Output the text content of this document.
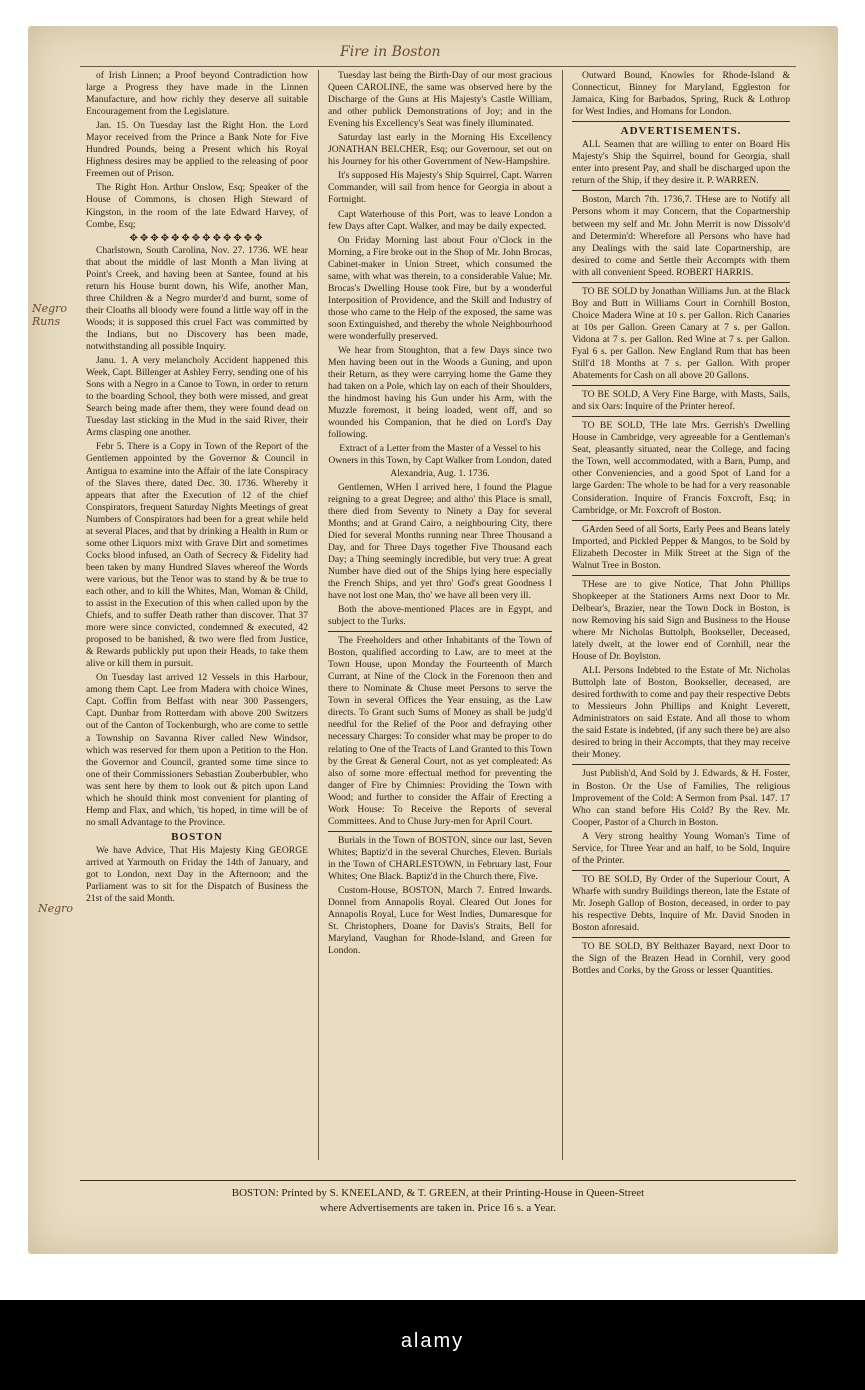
Fire in Boston
Negro Runs
Negro

of Irish Linnen; a Proof beyond Contradiction how large a Progress they have made in the Linnen Manufacture, and how richly they deserve all suitable Encouragement from the Legislature.

Jan. 15. On Tuesday last the Right Hon. the Lord Mayor received from the Prince a Bank Note for Five Hundred Pounds, being a Present which his Royal Highness desires may be applied to the releasing of poor Freemen out of Prison.

The Right Hon. Arthur Onslow, Esq; Speaker of the House of Commons, is chosen High Steward of Kingston, in the room of the late Edward Harvey, of Combe, Esq;

✥✥✥✥✥✥✥✥✥✥✥✥✥

Charlstown, South Carolina, Nov. 27. 1736. WE hear that about the middle of last Month a Man living at Point's Creek, and having been at Santee, found at his return his House burnt down, his Wife, another Man, three Children & a Negro murder'd and burnt, some of their Cloaths all bloody were found a little way off in the Woods; it is supposed this cruel Fact was committed by the Indians, but no Discovery has been made, notwithstanding all possible Inquiry.

Janu. 1. A very melancholy Accident happened this Week, Capt. Billenger at Ashley Ferry, sending one of his Sons with a Negro in a Canoe to Town, in order to return to the boarding School, they both were missed, and great Search being made after them, they were found dead on Tuesday last sticking in the Mud in the said River, their Arms clasping one another.

Febr 5. There is a Copy in Town of the Report of the Gentlemen appointed by the Governor & Council in Antigua to examine into the Affair of the late Conspiracy of the Slaves there, dated Dec. 30. 1736. Whereby it appears that after the Execution of 12 of the chief Conspirators, frequent Saturday Nights Meetings of great Numbers of Conspirators had been for a great while held at several Places, and that by drinking a Health in Rum or some other Liquors mixt with Grave Dirt and sometimes Cocks blood infused, an Oath of Secrecy & Fidelity had been taken by many Hundred Slaves whereof the Words were various, but the Tenor was to stand by & be true to each other, and to kill the Whites, Man, Woman & Child, to assist in the Execution of this when called upon by the Chiefs, and to suffer Death rather than discover. That 37 more were since convicted, condemned & executed, 42 proposed to be banished, & two were fled from Justice, & Rewards publickly put upon their Heads, to take them alive or kill them in pursuit.

On Tuesday last arrived 12 Vessels in this Harbour, among them Capt. Lee from Madera with choice Wines, Capt. Coffin from Belfast with near 300 Passengers, Capt. Dunbar from Rotterdam with above 200 Switzers out of the Canton of Tockenburgh, who are come to settle a Township on Savanna River called New Windsor, which was reserved for them upon a Petition to the Hon. the Governor and Council, granted some time since to one of their Commissioners Sebastian Zouberbubler, who was sent here by them to look out & pitch upon Land which he should think most convenient for planting of Hemp and Flax, and which, 'tis hoped, in time will be of no small Advantage to the Province.

BOSTON

We have Advice, That His Majesty King GEORGE arrived at Yarmouth on Friday the 14th of January, and got to London, next Day in the Afternoon; and the Parliament was to sit for the Dispatch of Business the 21st of the said Month.

Tuesday last being the Birth-Day of our most gracious Queen CAROLINE, the same was observed here by the Discharge of the Guns at His Majesty's Castle William, and other publick Demonstrations of Joy; and in the Evening his Excellency's Seat was finely illuminated.

Saturday last early in the Morning His Excellency JONATHAN BELCHER, Esq; our Governour, set out on his Journey for his other Government of New-Hampshire.

It's supposed His Majesty's Ship Squirrel, Capt. Warren Commander, will sail from hence for Georgia in about a Fortnight.

Capt Waterhouse of this Port, was to leave London a few Days after Capt. Walker, and may be daily expected.

On Friday Morning last about Four o'Clock in the Morning, a Fire broke out in the Shop of Mr. John Brocas, Cabinet-maker in Union Street, which consumed the same, with what was therein, to a considerable Value; Mr. Brocas's Dwelling House took Fire, but by a wonderful Interposition of Providence, and the Skill and Industry of those who came to the Help of the exposed, the same was soon Extinguished, and thereby the whole Neighbourhood were wonderfully preserved.

We hear from Stoughton, that a few Days since two Men having been out in the Woods a Guning, and upon their Return, as they were carrying home the Game they had taken on a Pole, which lay on each of their Shoulders, the hindmost having his Gun under his Arm, with the Muzzle foremost, it being loaded, went off, and so wounded his Companion, that he died on Lord's Day following.

Extract of a Letter from the Master of a Vessel to his Owners in this Town, by Capt Walker from London, dated Alexandria, Aug. 1. 1736.

Gentlemen, WHen I arrived here, I found the Plague reigning to a great Degree; and altho' this Place is small, there died from Seventy to Ninety a Day for several Months; and at Grand Cairo, a neighbouring City, there Died for several Months running near Three Thousand a Day, and for Three Days together Five Thousand each Day; a Thing seemingly incredible, but very true: A great Number have died out of the Ships lying here especially the French Ships, and yet thro' God's great Goodness I have not lost one Man, tho' we have all been very ill.

Both the above-mentioned Places are in Egypt, and subject to the Turks.

The Freeholders and other Inhabitants of the Town of Boston, qualified according to Law, are to meet at the Town House, upon Monday the Fourteenth of March Currant, at Nine of the Clock in the Forenoon then and there to Nominate & Chuse meet Persons to serve the Town in several Offices the Year ensuing, as the Law directs. To Grant such Sums of Money as shall be judg'd needful for the Relief of the Poor and defraying other necessary Charges: To consider what may be proper to do relating to One of the Tracts of Land Granted to this Town by the Great & General Court, not as yet compleated: As also of some more effectual method for preventing the danger of Fire by Chimnies: Providing the Town with Wood; and further to consider the Affair of Erecting a Work House: To Receive the Reports of several Committees. And to Chuse Jury-men for April Court.

Burials in the Town of BOSTON, since our last, Seven Whites; Baptiz'd in the several Churches, Eleven. Burials in the Town of CHARLESTOWN, in February last, Four Whites; One Black. Baptiz'd in the Church there, Five.

Custom-House, BOSTON, March 7. Entred Inwards. Donnel from Annapolis Royal. Cleared Out Jones for Annapolis Royal, Luce for West Indies, Dumaresque for St. Christophers, Doane for Davis's Straits, Bell for Maryland, Vaughan for Rhode-Island, and Green for London.

Outward Bound, Knowles for Rhode-Island & Connecticut, Binney for Maryland, Eggleston for Jamaica, King for Barbados, Spring, Ruck & Lothrop for West Indies, and Homans for London.

ADVERTISEMENTS.

ALL Seamen that are willing to enter on Board His Majesty's Ship the Squirrel, bound for Georgia, shall enter into present Pay, and shall be discharged upon the return of the Ship, if they desire it. P. WARREN.

Boston, March 7th. 1736,7. THese are to Notify all Persons whom it may Concern, that the Copartnership between my self and Mr. John Merrit is now Dissolv'd and Determin'd: Wherefore all Persons who have had any Dealings with the said late Copartnership, are desired to come and Settle their Accompts with them with all convenient Speed. ROBERT HARRIS.

TO BE SOLD by Jonathan Williams Jun. at the Black Boy and Butt in Williams Court in Cornhill Boston, Choice Madera Wine at 10 s. per Gallon. Rich Canaries at 10s per Gallon. Green Canary at 7 s. per Gallon. Vidona at 7 s. per Gallon. Red Wine at 7 s. per Gallon. Fyal 6 s. per Gallon. New England Rum that has been Still'd 18 Months at 7 s. per Gallon. With proper Abatements for Cash on all above 20 Gallons.

TO BE SOLD, A Very Fine Barge, with Masts, Sails, and six Oars: Inquire of the Printer hereof.

TO BE SOLD, THe late Mrs. Gerrish's Dwelling House in Cambridge, very agreeable for a Gentleman's Seat, pleasantly situated, near the College, and facing the Town, well accommodated, with a Barn, Pump, and other Conveniencies, and a good Spot of Land for a large Garden: The whole to be had for a very reasonable Consideration. Inquire of Francis Foxcroft, Esq; in Cambridge, or Mr. Foxcroft of Boston.

GArden Seed of all Sorts, Early Pees and Beans lately Imported, and Pickled Pepper & Mangos, to be Sold by Elizabeth Decoster in Milk Street at the Sign of the Walnut Tree in Boston.

THese are to give Notice, That John Phillips Shopkeeper at the Stationers Arms next Door to Mr. Delbear's, Brazier, near the Town Dock in Boston, is now Removing his said Sign and Business to the House where Mr Nicholas Buttolph, Bookseller, Deceased, lately dwelt, at the lower end of Cornhill, near the House of Dr. Boylston.

ALL Persons Indebted to the Estate of Mr. Nicholas Buttolph late of Boston, Bookseller, deceased, are desired forthwith to come and pay their respective Debts to Messieurs John Phillips and Knight Leverett, Administrators on said Estate. And all those to whom the said Estate is indebted, (if any such there be) are also desired to bring in their Accompts, that they may receive their Money.

Just Publish'd, And Sold by J. Edwards, & H. Foster, in Boston. Or the Use of Families, The religious Improvement of the Cold: A Sermon from Psal. 147. 17 Who can stand before His Cold? By the Rev. Mr. Cooper, Pastor of a Church in Boston.

A Very strong healthy Young Woman's Time of Service, for Three Year and an half, to be Sold, Inquire of the Printer.

TO BE SOLD, By Order of the Superiour Court, A Wharfe with sundry Buildings thereon, late the Estate of Mr. Joseph Gallop of Boston, deceased, in order to pay his respective Debts, Inquire of Mr. David Snoden in Boston aforesaid.

TO BE SOLD, BY Belthazer Bayard, next Door to the Sign of the Brazen Head in Cornhil, very good Bottles and Corks, by the Gross or lesser Quantities.

BOSTON: Printed by S. KNEELAND, & T. GREEN, at their Printing-House in Queen-Street
where Advertisements are taken in. Price 16 s. a Year.
alamy
